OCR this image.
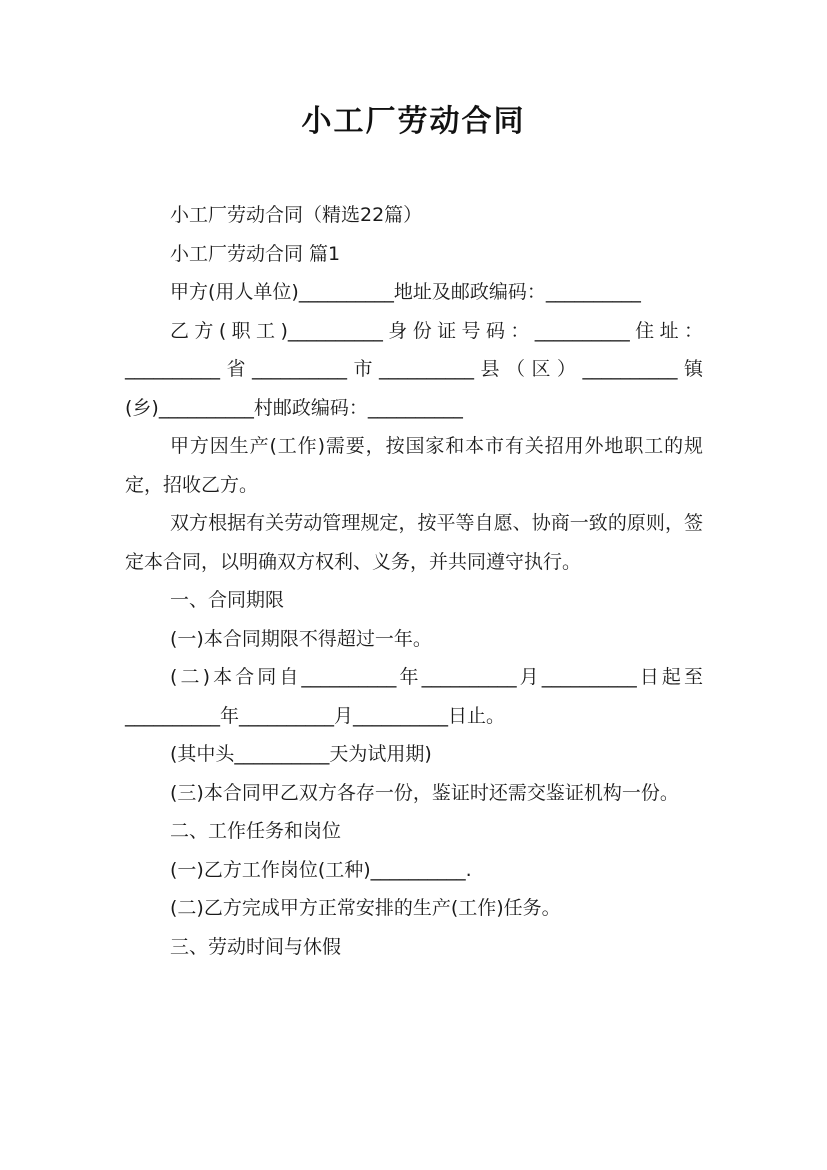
小工厂劳动合同

小工厂劳动合同（精选22篇）

小工厂劳动合同 篇1

甲方(用人单位)__________地址及邮政编码：__________

乙方(职工)__________身份证号码：__________住址：__________省__________市__________县（区）__________镇(乡)__________村邮政编码：__________

甲方因生产(工作)需要，按国家和本市有关招用外地职工的规定，招收乙方。

双方根据有关劳动管理规定，按平等自愿、协商一致的原则，签定本合同，以明确双方权利、义务，并共同遵守执行。

一、合同期限

(一)本合同期限不得超过一年。

(二)本合同自__________年__________月__________日起至__________年__________月__________日止。

(其中头__________天为试用期)

(三)本合同甲乙双方各存一份，鉴证时还需交鉴证机构一份。

二、工作任务和岗位

(一)乙方工作岗位(工种)__________.

(二)乙方完成甲方正常安排的生产(工作)任务。

三、劳动时间与休假
